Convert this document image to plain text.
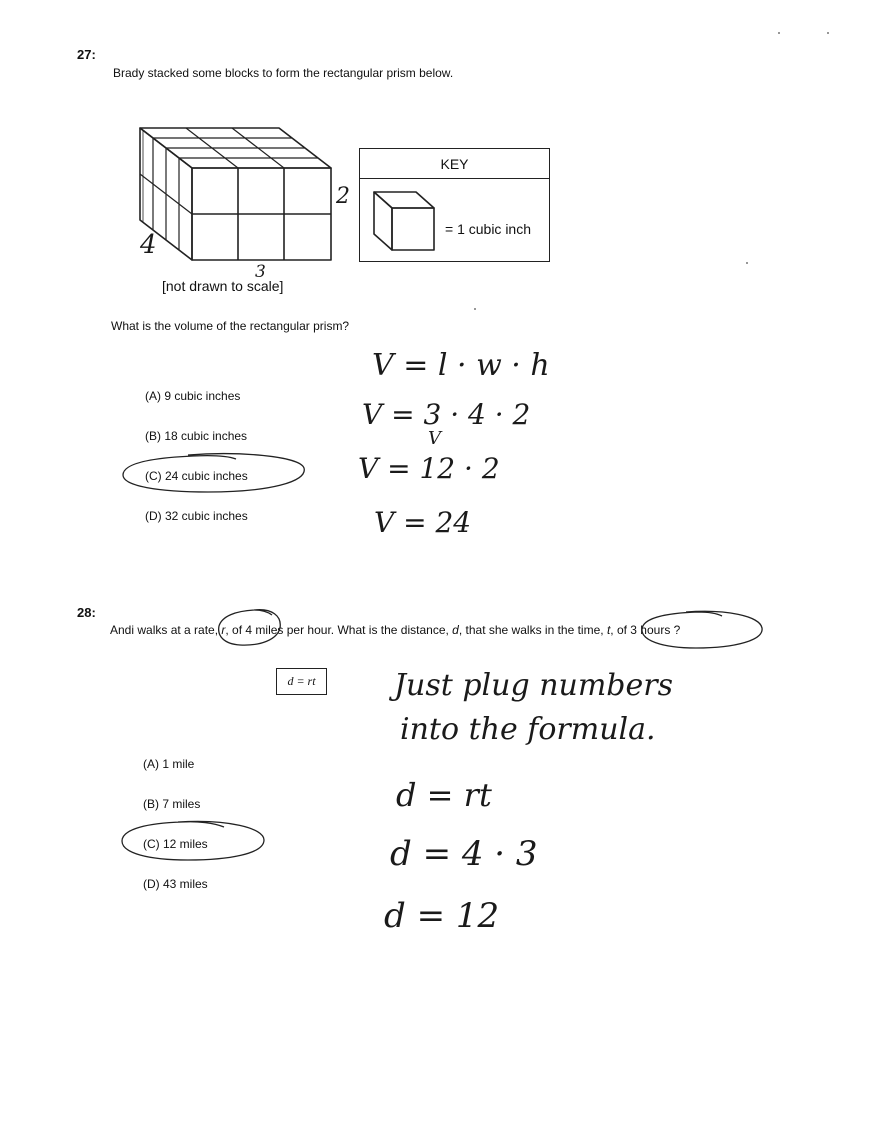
27:
Brady stacked some blocks to form the rectangular prism below.
[not drawn to scale]
KEY
= 1 cubic inch
4
2
3
What is the volume of the rectangular prism?
(A) 9 cubic inches
(B) 18 cubic inches
(C) 24 cubic inches
(D) 32 cubic inches
V = l · w · h
V = 3 · 4 · 2
V
V = 12 · 2
V = 24
28:
Andi walks at a rate, r, of 4 miles per hour. What is the distance, d, that she walks in the time, t, of 3 hours ?
d = rt
(A) 1 mile
(B) 7 miles
(C) 12 miles
(D) 43 miles
Just plug numbers
into the formula.
d = rt
d = 4 · 3
d = 12
